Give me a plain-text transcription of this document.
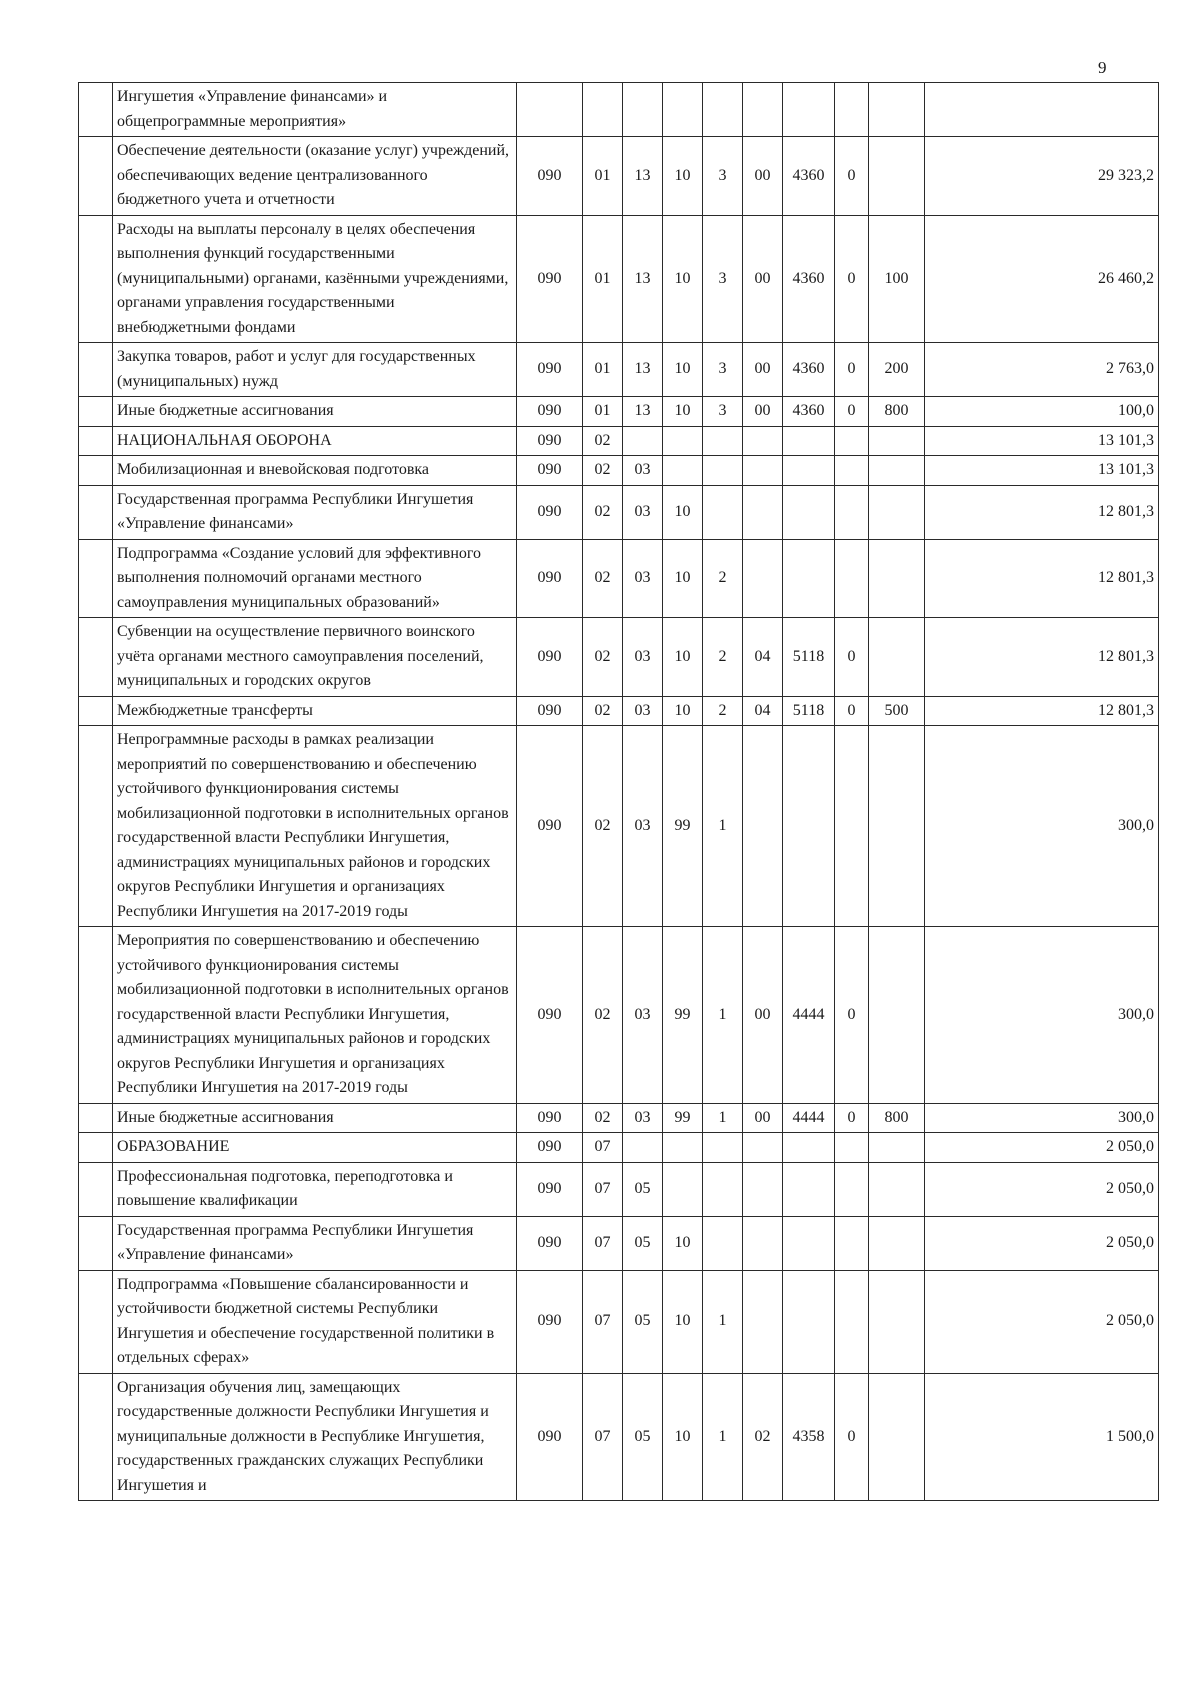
9
	Ингушетия «Управление финансами» и общепрограммные мероприятия»										
	Обеспечение деятельности (оказание услуг) учреждений, обеспечивающих ведение централизованного бюджетного учета и отчетности	090	01	13	10	3	00	4360	0		29 323,2
	Расходы на выплаты персоналу в целях обеспечения выполнения функций государственными (муниципальными) органами, казёнными учреждениями, органами управления государственными внебюджетными фондами	090	01	13	10	3	00	4360	0	100	26 460,2
	Закупка товаров, работ и услуг для государственных (муниципальных) нужд	090	01	13	10	3	00	4360	0	200	2 763,0
	Иные бюджетные ассигнования	090	01	13	10	3	00	4360	0	800	100,0
	НАЦИОНАЛЬНАЯ ОБОРОНА	090	02								13 101,3
	Мобилизационная и вневойсковая подготовка	090	02	03							13 101,3
	Государственная программа Республики Ингушетия «Управление финансами»	090	02	03	10						12 801,3
	Подпрограмма «Создание условий для эффективного выполнения полномочий органами местного самоуправления муниципальных образований»	090	02	03	10	2					12 801,3
	Субвенции на осуществление первичного воинского учёта органами местного самоуправления поселений, муниципальных и городских округов	090	02	03	10	2	04	5118	0		12 801,3
	Межбюджетные трансферты	090	02	03	10	2	04	5118	0	500	12 801,3
	Непрограммные расходы в рамках реализации мероприятий по совершенствованию и обеспечению устойчивого функционирования системы мобилизационной подготовки в исполнительных органов государственной власти Республики Ингушетия, администрациях муниципальных районов и городских округов Республики Ингушетия и организациях Республики Ингушетия на 2017-2019 годы	090	02	03	99	1					300,0
	Мероприятия по совершенствованию и обеспечению устойчивого функционирования системы мобилизационной подготовки в исполнительных органов государственной власти Республики Ингушетия, администрациях муниципальных районов и городских округов Республики Ингушетия и организациях Республики Ингушетия на 2017-2019 годы	090	02	03	99	1	00	4444	0		300,0
	Иные бюджетные ассигнования	090	02	03	99	1	00	4444	0	800	300,0
	ОБРАЗОВАНИЕ	090	07								2 050,0
	Профессиональная подготовка, переподготовка и повышение квалификации	090	07	05							2 050,0
	Государственная программа Республики Ингушетия «Управление финансами»	090	07	05	10						2 050,0
	Подпрограмма «Повышение сбалансированности и устойчивости бюджетной системы Республики Ингушетия и обеспечение государственной политики в отдельных сферах»	090	07	05	10	1					2 050,0
	Организация обучения лиц, замещающих государственные должности Республики Ингушетия и муниципальные должности в Республике Ингушетия, государственных гражданских служащих Республики Ингушетия и	090	07	05	10	1	02	4358	0		1 500,0
